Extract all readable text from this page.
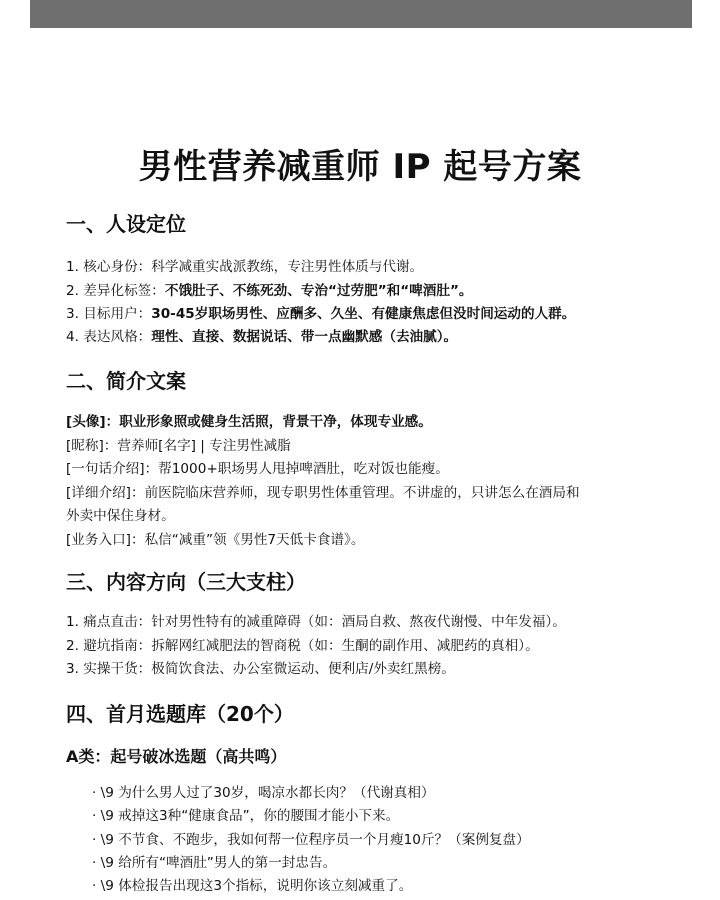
男性营养减重师 IP 起号方案
一、人设定位
1. 核心身份：科学减重实战派教练，专注男性体质与代谢。
2. 差异化标签：不饿肚子、不练死劲、专治“过劳肥”和“啤酒肚”。
3. 目标用户：30-45岁职场男性、应酬多、久坐、有健康焦虑但没时间运动的人群。
4. 表达风格：理性、直接、数据说话、带一点幽默感（去油腻）。
二、简介文案
[头像]：职业形象照或健身生活照，背景干净，体现专业感。
[昵称]：营养师[名字] | 专注男性减脂
[一句话介绍]：帮1000+职场男人甩掉啤酒肚，吃对饭也能瘦。
[详细介绍]：前医院临床营养师，现专职男性体重管理。不讲虚的，只讲怎么在酒局和
外卖中保住身材。
[业务入口]：私信“减重”领《男性7天低卡食谱》。
三、内容方向（三大支柱）
1. 痛点直击：针对男性特有的减重障碍（如：酒局自救、熬夜代谢慢、中年发福）。
2. 避坑指南：拆解网红减肥法的智商税（如：生酮的副作用、减肥药的真相）。
3. 实操干货：极简饮食法、办公室微运动、便利店/外卖红黑榜。
四、首月选题库（20个）
A类：起号破冰选题（高共鸣）
· \9 为什么男人过了30岁，喝凉水都长肉？（代谢真相）
· \9 戒掉这3种“健康食品”，你的腰围才能小下来。
· \9 不节食、不跑步，我如何帮一位程序员一个月瘦10斤？（案例复盘）
· \9 给所有“啤酒肚”男人的第一封忠告。
· \9 体检报告出现这3个指标，说明你该立刻减重了。
